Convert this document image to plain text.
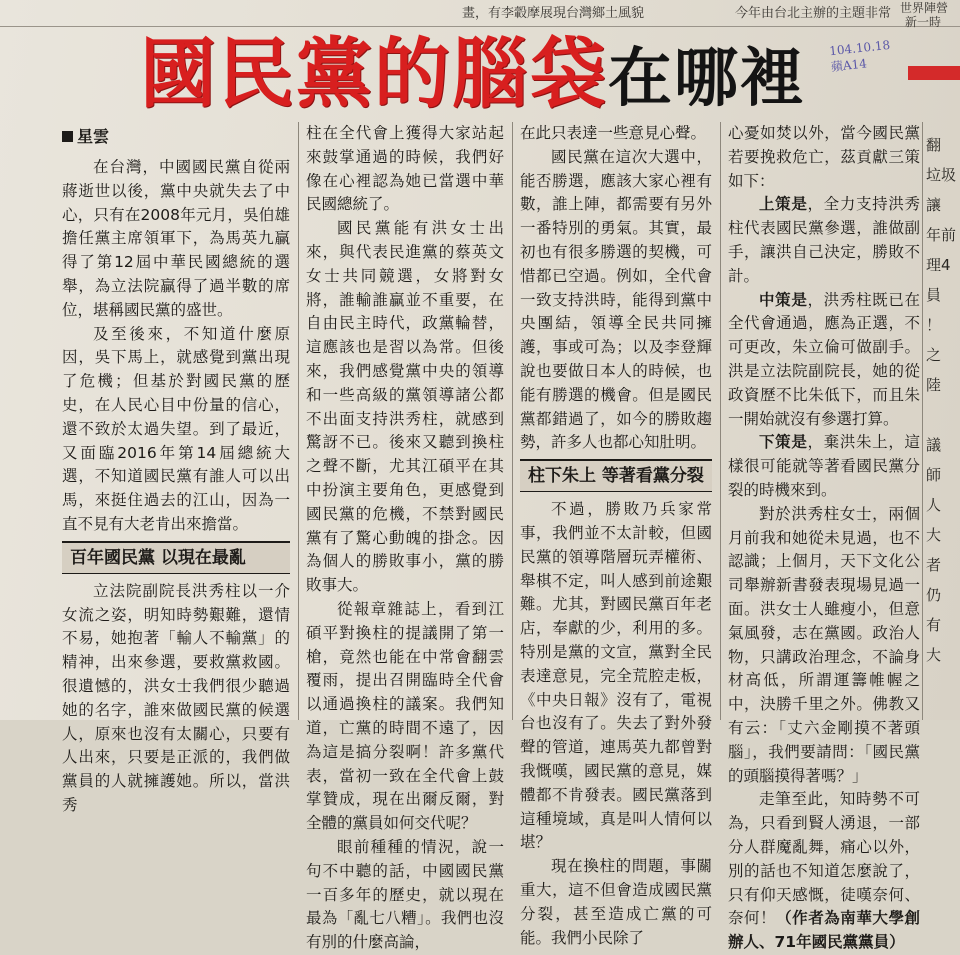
畫，有李轂摩展現台灣鄉土風貌	今年由台北主辦的主題非常 世界陣營
新一時
國民黨的腦袋在哪裡 104.10.18
蘋A14
星雲

在台灣，中國國民黨自從兩蔣逝世以後，黨中央就失去了中心，只有在2008年元月，吳伯雄擔任黨主席領軍下，為馬英九贏得了第12屆中華民國總統的選舉，為立法院贏得了過半數的席位，堪稱國民黨的盛世。

及至後來，不知道什麼原因，吳下馬上，就感覺到黨出現了危機；但基於對國民黨的歷史，在人民心目中份量的信心，還不致於太過失望。到了最近，又面臨2016年第14屆總統大選，不知道國民黨有誰人可以出馬，來挺住過去的江山，因為一直不見有大老肯出來擔當。

百年國民黨 以現在最亂

立法院副院長洪秀柱以一介女流之姿，明知時勢艱難，還情不易，她抱著「輸人不輸黨」的精神，出來參選，要救黨救國。很遺憾的，洪女士我們很少聽過她的名字，誰來做國民黨的候選人，原來也沒有太關心，只要有人出來，只要是正派的，我們做黨員的人就擁護她。所以，當洪秀

柱在全代會上獲得大家站起來鼓掌通過的時候，我們好像在心裡認為她已當選中華民國總統了。

國民黨能有洪女士出來，與代表民進黨的蔡英文女士共同競選，女將對女將，誰輸誰贏並不重要，在自由民主時代，政黨輪替，這應該也是習以為常。但後來，我們感覺黨中央的領導和一些高級的黨領導諸公都不出面支持洪秀柱，就感到驚訝不已。後來又聽到換柱之聲不斷，尤其江碩平在其中扮演主要角色，更感覺到國民黨的危機，不禁對國民黨有了驚心動魄的掛念。因為個人的勝敗事小，黨的勝敗事大。

從報章雜誌上，看到江碩平對換柱的提議開了第一槍，竟然也能在中常會翻雲覆雨，提出召開臨時全代會以通過換柱的議案。我們知道，亡黨的時間不遠了，因為這是搞分裂啊！許多黨代表，當初一致在全代會上鼓掌贊成，現在出爾反爾，對全體的黨員如何交代呢？

眼前種種的情況，說一句不中聽的話，中國國民黨一百多年的歷史，就以現在最為「亂七八糟」。我們也沒有別的什麼高論，

在此只表達一些意見心聲。

國民黨在這次大選中，能否勝選，應該大家心裡有數，誰上陣，都需要有另外一番特別的勇氣。其實，最初也有很多勝選的契機，可惜都已空過。例如，全代會一致支持洪時，能得到黨中央團結，領導全民共同擁護，事或可為；以及李登輝說也要做日本人的時候，也能有勝選的機會。但是國民黨都錯過了，如今的勝敗趨勢，許多人也都心知肚明。

柱下朱上 等著看黨分裂

不過，勝敗乃兵家常事，我們並不太計較，但國民黨的領導階層玩弄權術、舉棋不定，叫人感到前途艱難。尤其，對國民黨百年老店，奉獻的少，利用的多。特別是黨的文宣，黨對全民表達意見，完全荒腔走板，《中央日報》沒有了，電視台也沒有了。失去了對外發聲的管道，連馬英九都曾對我慨嘆，國民黨的意見，媒體都不肯發表。國民黨落到這種境域，真是叫人情何以堪？

現在換柱的問題，事關重大，這不但會造成國民黨分裂，甚至造成亡黨的可能。我們小民除了

心憂如焚以外，當今國民黨若要挽救危亡，茲貢獻三策如下：

上策是，全力支持洪秀柱代表國民黨參選，誰做副手，讓洪自己決定，勝敗不計。

中策是，洪秀柱既已在全代會通過，應為正選，不可更改，朱立倫可做副手。洪是立法院副院長，她的從政資歷不比朱低下，而且朱一開始就沒有參選打算。

下策是，棄洪朱上，這樣很可能就等著看國民黨分裂的時機來到。

對於洪秀柱女士，兩個月前我和她從未見過，也不認識；上個月，天下文化公司舉辦新書發表現場見過一面。洪女士人雖瘦小，但意氣風發，志在黨國。政治人物，只講政治理念，不論身材高低，所謂運籌帷幄之中，決勝千里之外。佛教又有云：「丈六金剛摸不著頭腦」，我們要請問：「國民黨的頭腦摸得著嗎？」

走筆至此，知時勢不可為，只看到賢人湧退，一部分人群魔亂舞，痛心以外，別的話也不知道怎麼說了，只有仰天感慨，徒嘆奈何、奈何！（作者為南華大學創辦人、71年國民黨黨員）

翻
垃圾
讓
年前
理4
員
！
之
陸

議
師
人
大
者
仍
有
大
